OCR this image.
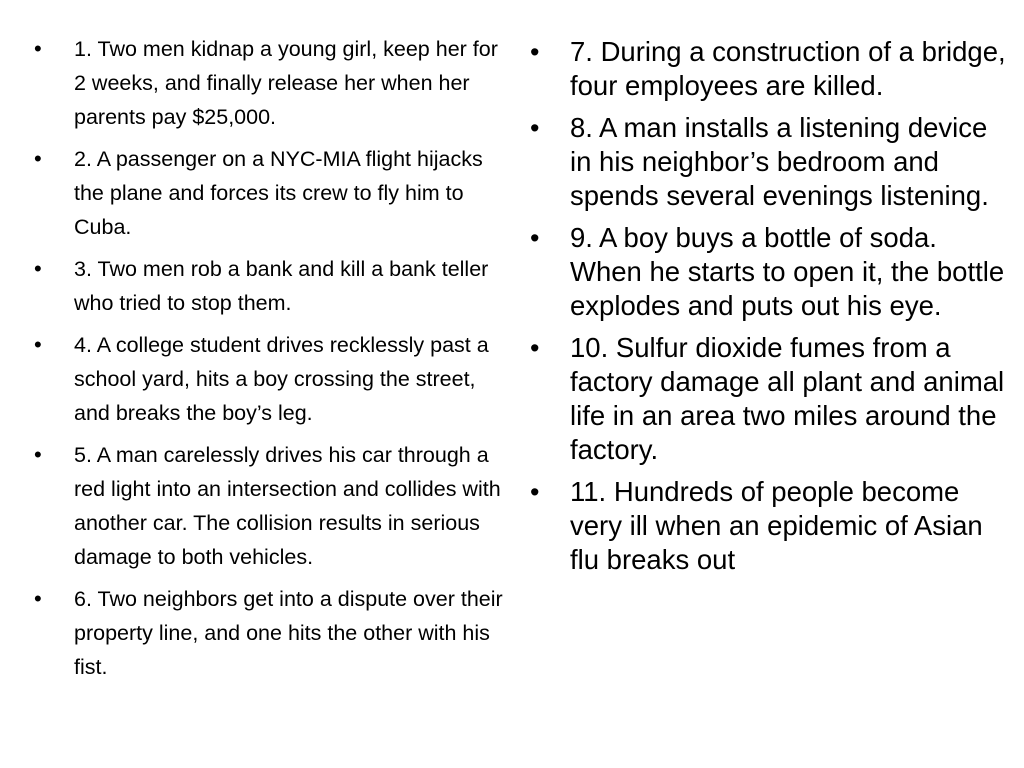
• 1. Two men kidnap a young girl, keep her for 2 weeks, and finally release her when her parents pay $25,000.
• 2. A passenger on a NYC-MIA flight hijacks the plane and forces its crew to fly him to Cuba.
• 3. Two men rob a bank and kill a bank teller who tried to stop them.
• 4. A college student drives recklessly past a school yard, hits a boy crossing the street, and breaks the boy’s leg.
• 5. A man carelessly drives his car through a red light into an intersection and collides with another car. The collision results in serious damage to both vehicles.
• 6. Two neighbors get into a dispute over their property line, and one hits the other with his fist.
• 7. During a construction of a bridge, four employees are killed.
• 8. A man installs a listening device in his neighbor’s bedroom and spends several evenings listening.
• 9. A boy buys a bottle of soda. When he starts to open it, the bottle explodes and puts out his eye.
• 10. Sulfur dioxide fumes from a factory damage all plant and animal life in an area two miles around the factory.
• 11. Hundreds of people become very ill when an epidemic of Asian flu breaks out
